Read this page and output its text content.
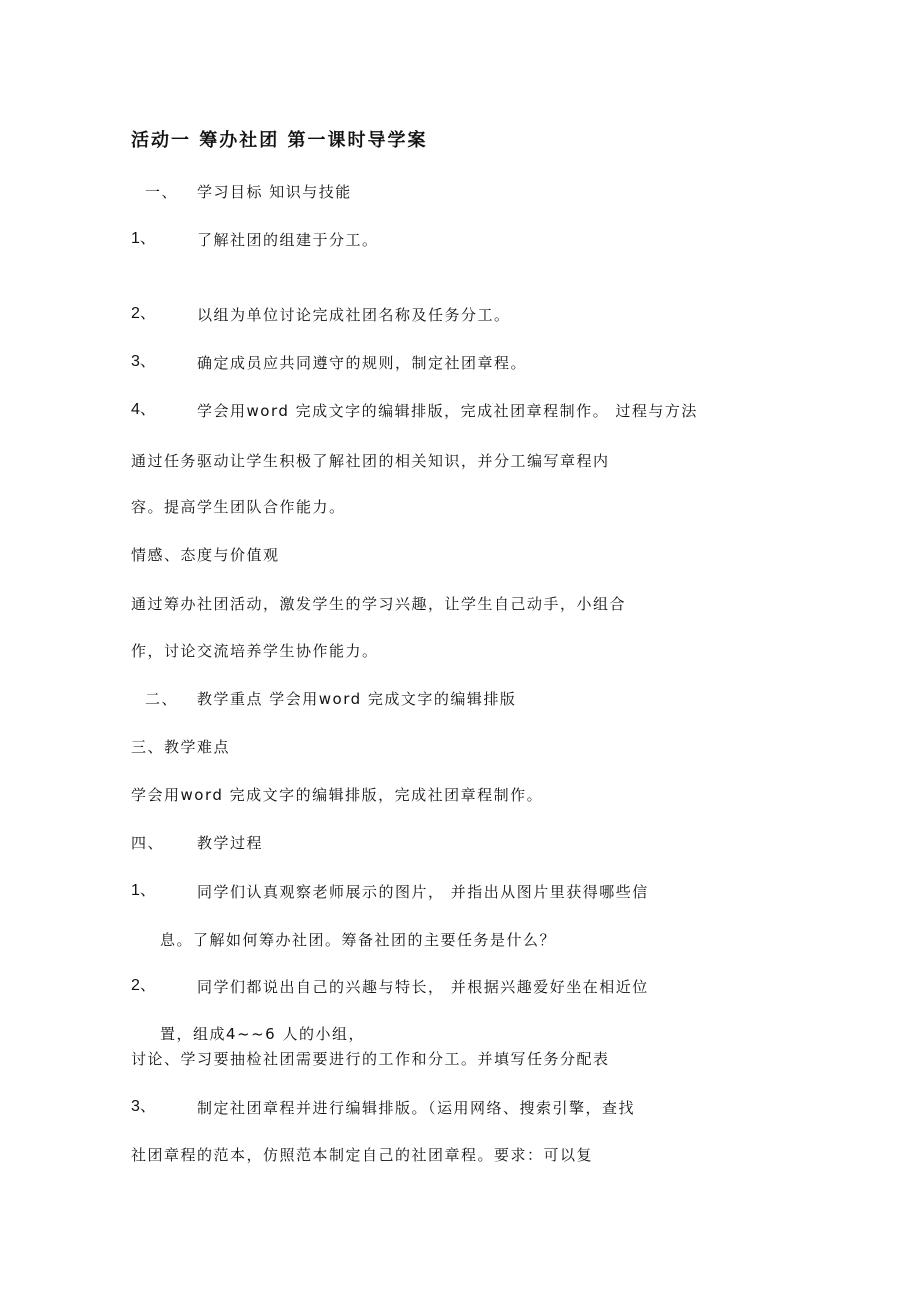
活动一 筹办社团 第一课时导学案
一、 学习目标 知识与技能
1、	了解社团的组建于分工。
2、	以组为单位讨论完成社团名称及任务分工。
3、	确定成员应共同遵守的规则，制定社团章程。
4、	学会用word 完成文字的编辑排版，完成社团章程制作。 过程与方法
通过任务驱动让学生积极了解社团的相关知识，并分工编写章程内
容。提高学生团队合作能力。
情感、态度与价值观
通过筹办社团活动，激发学生的学习兴趣，让学生自己动手，小组合
作，讨论交流培养学生协作能力。
二、 教学重点 学会用word 完成文字的编辑排版
三、教学难点
学会用word 完成文字的编辑排版，完成社团章程制作。
四、 教学过程
1、	同学们认真观察老师展示的图片， 并指出从图片里获得哪些信
息。了解如何筹办社团。筹备社团的主要任务是什么？
2、	同学们都说出自己的兴趣与特长， 并根据兴趣爱好坐在相近位
置，组成4~~6 人的小组，
讨论、学习要抽检社团需要进行的工作和分工。并填写任务分配表
3、	制定社团章程并进行编辑排版。（运用网络、搜索引擎，查找
社团章程的范本，仿照范本制定自己的社团章程。要求：可以复
